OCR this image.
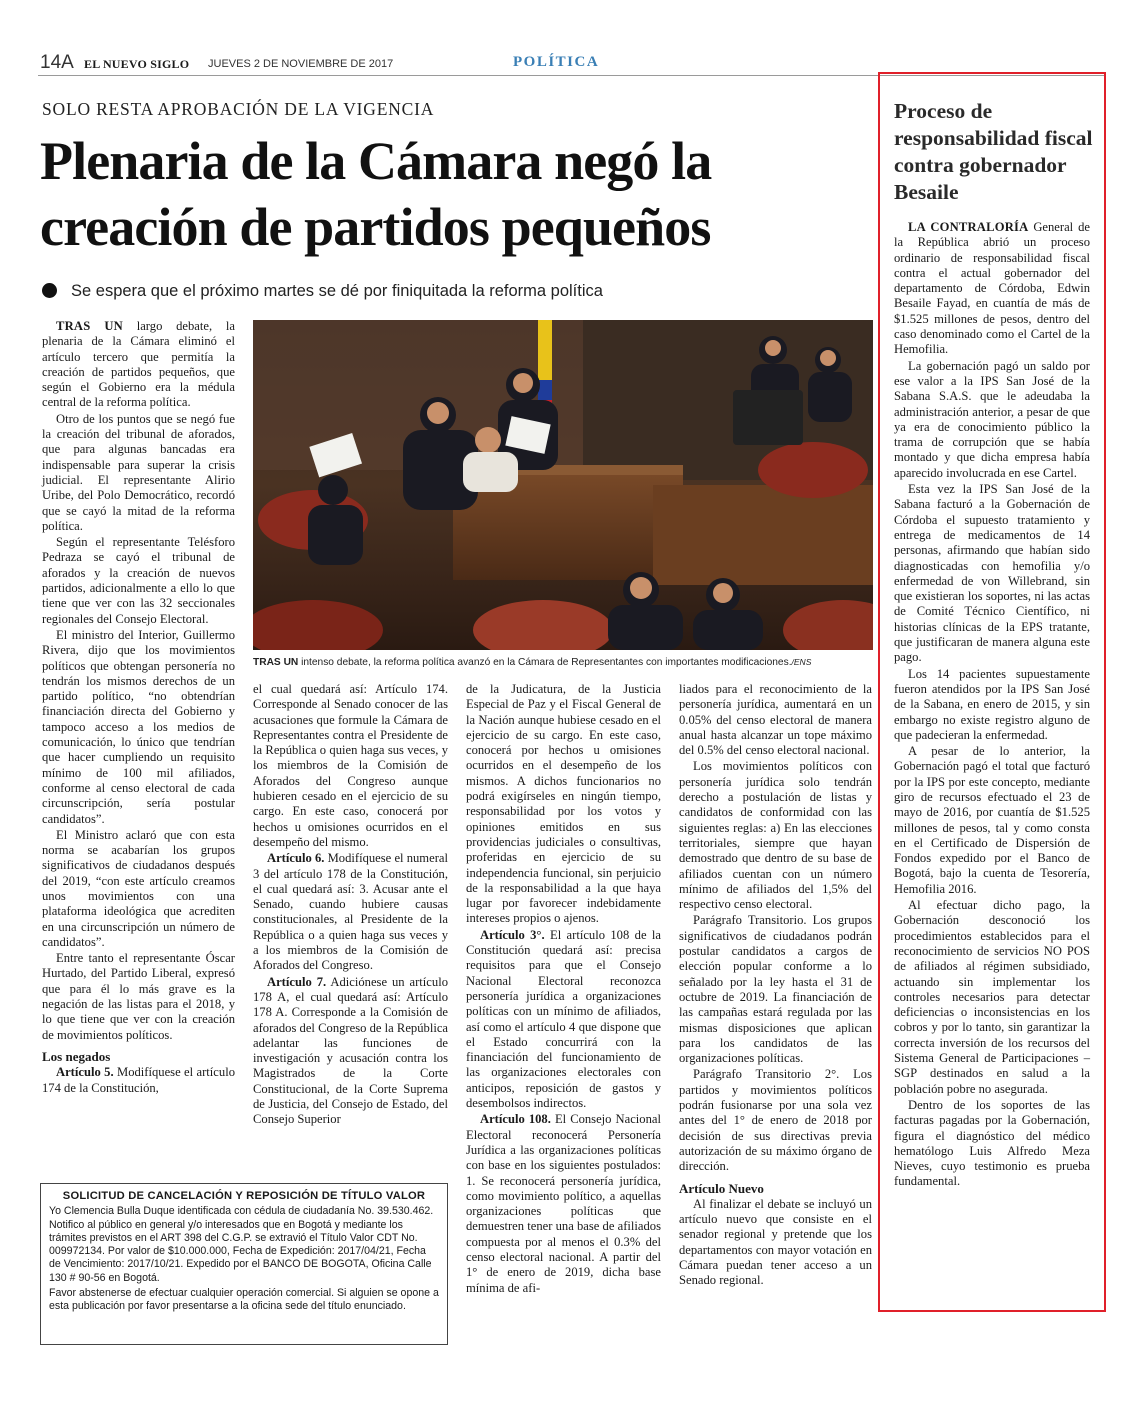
14A EL NUEVO SIGLO JUEVES 2 DE NOVIEMBRE DE 2017	POLÍTICA
SOLO RESTA APROBACIÓN DE LA VIGENCIA
Plenaria de la Cámara negó la creación de partidos pequeños
Se espera que el próximo martes se dé por finiquitada la reforma política

TRAS UN largo debate, la plenaria de la Cámara eliminó el artículo tercero que permitía la creación de partidos pequeños, que según el Gobierno era la médula central de la reforma política.

Otro de los puntos que se negó fue la creación del tribunal de aforados, que para algunas bancadas era indispensable para superar la crisis judicial. El representante Alirio Uribe, del Polo Democrático, recordó que se cayó la mitad de la reforma política.

Según el representante Telésforo Pedraza se cayó el tribunal de aforados y la creación de nuevos partidos, adicionalmente a ello lo que tiene que ver con las 32 seccionales regionales del Consejo Electoral.

El ministro del Interior, Guillermo Rivera, dijo que los movimientos políticos que obtengan personería no tendrán los mismos derechos de un partido político, “no obtendrían financiación directa del Gobierno y tampoco acceso a los medios de comunicación, lo único que tendrían que hacer cumpliendo un requisito mínimo de 100 mil afiliados, conforme al censo electoral de cada circunscripción, sería postular candidatos”.

El Ministro aclaró que con esta norma se acabarían los grupos significativos de ciudadanos después del 2019, “con este artículo creamos unos movimientos con una plataforma ideológica que acrediten en una circunscripción un número de candidatos”.

Entre tanto el representante Óscar Hurtado, del Partido Liberal, expresó que para él lo más grave es la negación de las listas para el 2018, y lo que tiene que ver con la creación de movimientos políticos.

Los negados

Artículo 5. Modifíquese el artículo 174 de la Constitución,

TRAS UN intenso debate, la reforma política avanzó en la Cámara de Representantes con importantes modificaciones./ENS

el cual quedará así: Artículo 174. Corresponde al Senado conocer de las acusaciones que formule la Cámara de Representantes contra el Presidente de la República o quien haga sus veces, y los miembros de la Comisión de Aforados del Congreso aunque hubieren cesado en el ejercicio de su cargo. En este caso, conocerá por hechos u omisiones ocurridos en el desempeño del mismo.

Artículo 6. Modifíquese el numeral 3 del artículo 178 de la Constitución, el cual quedará así: 3. Acusar ante el Senado, cuando hubiere causas constitucionales, al Presidente de la República o a quien haga sus veces y a los miembros de la Comisión de Aforados del Congreso.

Artículo 7. Adiciónese un artículo 178 A, el cual quedará así: Artículo 178 A. Corresponde a la Comisión de aforados del Congreso de la República adelantar las funciones de investigación y acusación contra los Magistrados de la Corte Constitucional, de la Corte Suprema de Justicia, del Consejo de Estado, del Consejo Superior

de la Judicatura, de la Justicia Especial de Paz y el Fiscal General de la Nación aunque hubiese cesado en el ejercicio de su cargo. En este caso, conocerá por hechos u omisiones ocurridos en el desempeño de los mismos. A dichos funcionarios no podrá exigírseles en ningún tiempo, responsabilidad por los votos y opiniones emitidos en sus providencias judiciales o consultivas, proferidas en ejercicio de su independencia funcional, sin perjuicio de la responsabilidad a la que haya lugar por favorecer indebidamente intereses propios o ajenos.

Artículo 3°. El artículo 108 de la Constitución quedará así: precisa requisitos para que el Consejo Nacional Electoral reconozca personería jurídica a organizaciones políticas con un mínimo de afiliados, así como el artículo 4 que dispone que el Estado concurrirá con la financiación del funcionamiento de las organizaciones electorales con anticipos, reposición de gastos y desembolsos indirectos.

Artículo 108. El Consejo Nacional Electoral reconocerá Personería Jurídica a las organizaciones políticas con base en los siguientes postulados: 1. Se reconocerá personería jurídica, como movimiento político, a aquellas organizaciones políticas que demuestren tener una base de afiliados compuesta por al menos el 0.3% del censo electoral nacional. A partir del 1° de enero de 2019, dicha base mínima de afi-

liados para el reconocimiento de la personería jurídica, aumentará en un 0.05% del censo electoral de manera anual hasta alcanzar un tope máximo del 0.5% del censo electoral nacional.

Los movimientos políticos con personería jurídica solo tendrán derecho a postulación de listas y candidatos de conformidad con las siguientes reglas: a) En las elecciones territoriales, siempre que hayan demostrado que dentro de su base de afiliados cuentan con un número mínimo de afiliados del 1,5% del respectivo censo electoral.

Parágrafo Transitorio. Los grupos significativos de ciudadanos podrán postular candidatos a cargos de elección popular conforme a lo señalado por la ley hasta el 31 de octubre de 2019. La financiación de las campañas estará regulada por las mismas disposiciones que aplican para los candidatos de las organizaciones políticas.

Parágrafo Transitorio 2°. Los partidos y movimientos políticos podrán fusionarse por una sola vez antes del 1° de enero de 2018 por decisión de sus directivas previa autorización de su máximo órgano de dirección.

Artículo Nuevo

Al finalizar el debate se incluyó un artículo nuevo que consiste en el senador regional y pretende que los departamentos con mayor votación en Cámara puedan tener acceso a un Senado regional.

SOLICITUD DE CANCELACIÓN Y REPOSICIÓN DE TÍTULO VALOR

Yo Clemencia Bulla Duque identificada con cédula de ciudadanía No. 39.530.462. Notifico al público en general y/o interesados que en Bogotá y mediante los trámites previstos en el ART 398 del C.G.P. se extravió el Título Valor CDT No. 009972134. Por valor de $10.000.000, Fecha de Expedición: 2017/04/21, Fecha de Vencimiento: 2017/10/21. Expedido por el BANCO DE BOGOTA, Oficina Calle 130 # 90-56 en Bogotá.

Favor abstenerse de efectuar cualquier operación comercial. Si alguien se opone a esta publicación por favor presentarse a la oficina sede del título enunciado.

Proceso de responsabilidad fiscal contra gobernador Besaile

LA CONTRALORÍA General de la República abrió un proceso ordinario de responsabilidad fiscal contra el actual gobernador del departamento de Córdoba, Edwin Besaile Fayad, en cuantía de más de $1.525 millones de pesos, dentro del caso denominado como el Cartel de la Hemofilia.

La gobernación pagó un saldo por ese valor a la IPS San José de la Sabana S.A.S. que le adeudaba la administración anterior, a pesar de que ya era de conocimiento público la trama de corrupción que se había montado y que dicha empresa había aparecido involucrada en ese Cartel.

Esta vez la IPS San José de la Sabana facturó a la Gobernación de Córdoba el supuesto tratamiento y entrega de medicamentos de 14 personas, afirmando que habían sido diagnosticadas con hemofilia y/o enfermedad de von Willebrand, sin que existieran los soportes, ni las actas de Comité Técnico Científico, ni historias clínicas de la EPS tratante, que justificaran de manera alguna este pago.

Los 14 pacientes supuestamente fueron atendidos por la IPS San José de la Sabana, en enero de 2015, y sin embargo no existe registro alguno de que padecieran la enfermedad.

A pesar de lo anterior, la Gobernación pagó el total que facturó por la IPS por este concepto, mediante giro de recursos efectuado el 23 de mayo de 2016, por cuantía de $1.525 millones de pesos, tal y como consta en el Certificado de Dispersión de Fondos expedido por el Banco de Bogotá, bajo la cuenta de Tesorería, Hemofilia 2016.

Al efectuar dicho pago, la Gobernación desconoció los procedimientos establecidos para el reconocimiento de servicios NO POS de afiliados al régimen subsidiado, actuando sin implementar los controles necesarios para detectar deficiencias o inconsistencias en los cobros y por lo tanto, sin garantizar la correcta inversión de los recursos del Sistema General de Participaciones – SGP destinados en salud a la población pobre no asegurada.

Dentro de los soportes de las facturas pagadas por la Gobernación, figura el diagnóstico del médico hematólogo Luis Alfredo Meza Nieves, cuyo testimonio es prueba fundamental.
